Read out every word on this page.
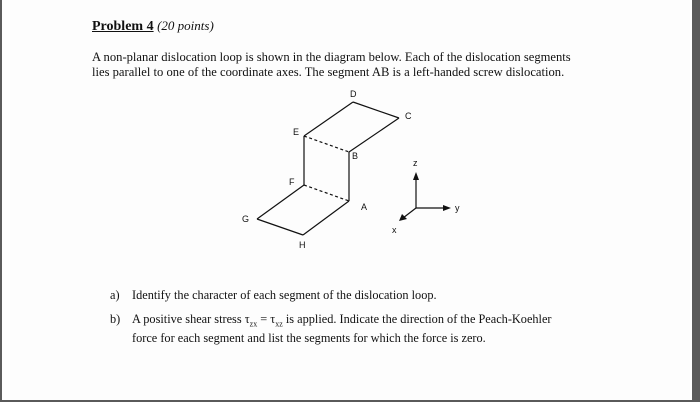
Problem 4 (20 points)
A non-planar dislocation loop is shown in the diagram below. Each of the dislocation segments
lies parallel to one of the coordinate axes. The segment AB is a left-handed screw dislocation.
D
C
E
B
F
A
G
H
z
y
x
a) Identify the character of each segment of the dislocation loop.
b) A positive shear stress $\tau_{zx} = \tau_{xz}$ is applied. Indicate the direction of the Peach-Koehler
force for each segment and list the segments for which the force is zero.
